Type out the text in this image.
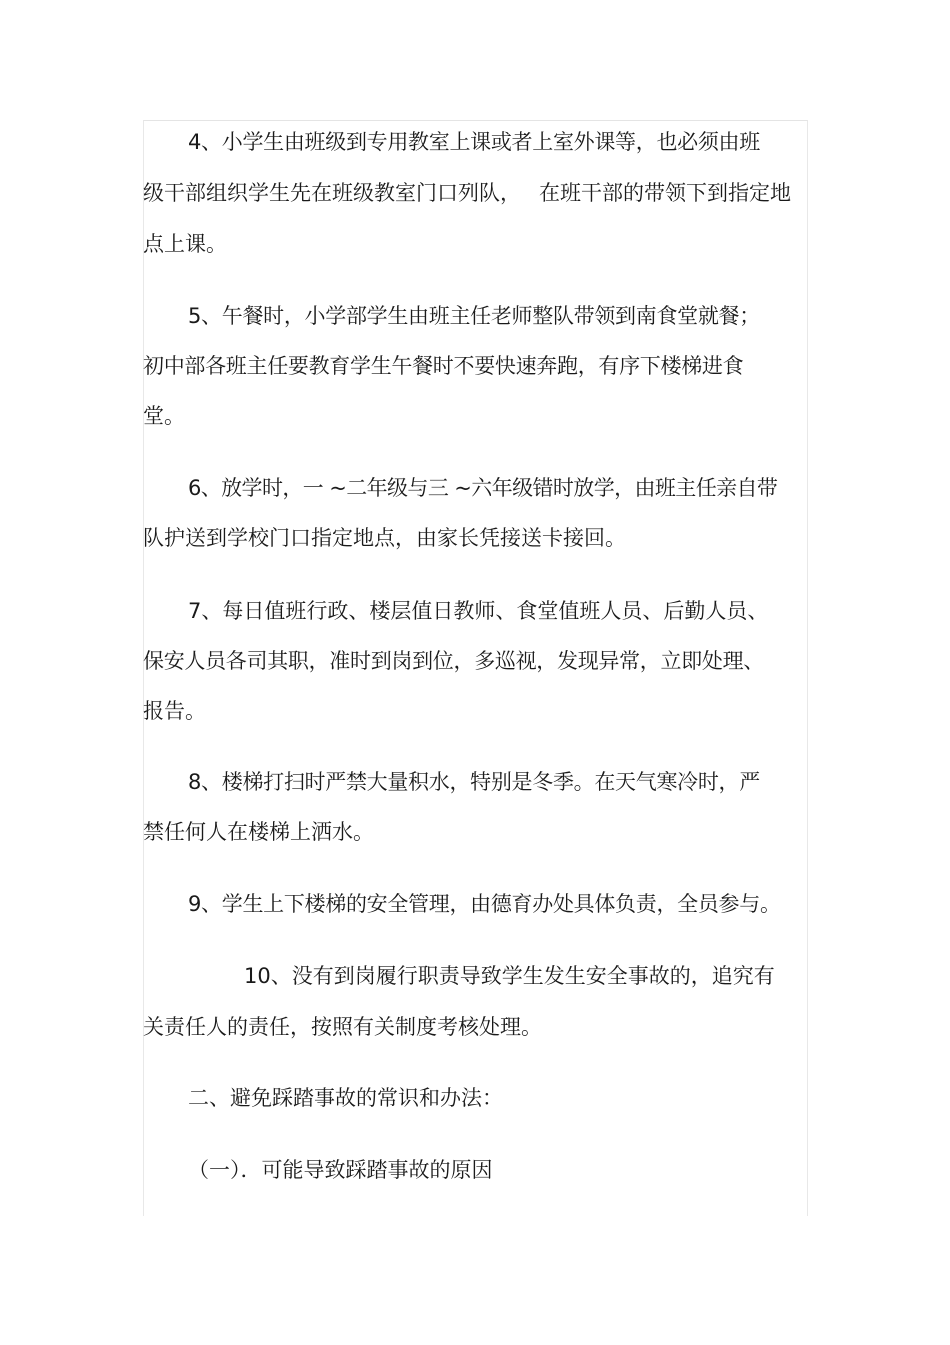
4、小学生由班级到专用教室上课或者上室外课等，也必须由班
级干部组织学生先在班级教室门口列队， 在班干部的带领下到指定地
点上课。
5、午餐时，小学部学生由班主任老师整队带领到南食堂就餐；
初中部各班主任要教育学生午餐时不要快速奔跑，有序下楼梯进食
堂。
6、放学时，一 ~二年级与三 ~六年级错时放学，由班主任亲自带
队护送到学校门口指定地点，由家长凭接送卡接回。
7、每日值班行政、楼层值日教师、食堂值班人员、后勤人员、
保安人员各司其职，准时到岗到位，多巡视，发现异常，立即处理、
报告。
8、楼梯打扫时严禁大量积水，特别是冬季。在天气寒冷时，严
禁任何人在楼梯上洒水。
9、学生上下楼梯的安全管理，由德育办处具体负责，全员参与。
10、没有到岗履行职责导致学生发生安全事故的，追究有
关责任人的责任，按照有关制度考核处理。
二、避免踩踏事故的常识和办法：
（一）．可能导致踩踏事故的原因
